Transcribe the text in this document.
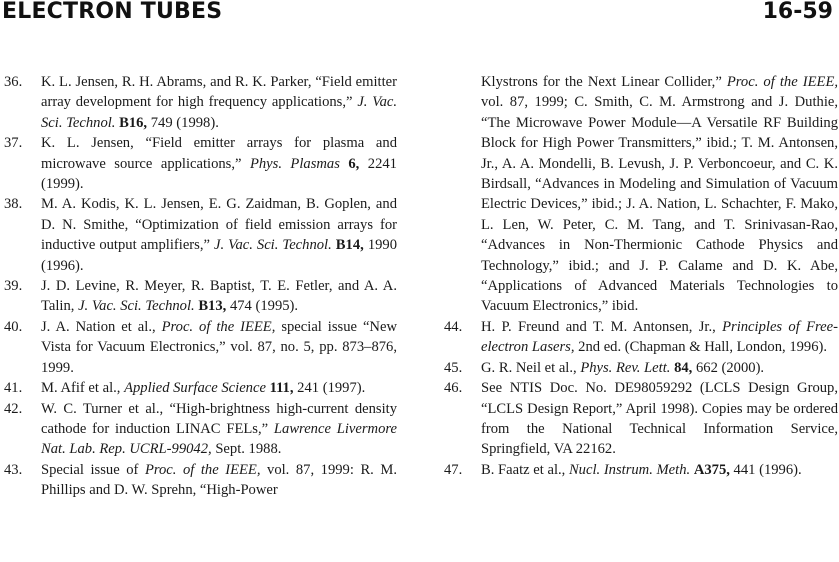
ELECTRON TUBES	16-59

36.	K. L. Jensen, R. H. Abrams, and R. K. Parker, “Field emitter array development for high frequency applications,” J. Vac. Sci. Technol. B16, 749 (1998).

37.	K. L. Jensen, “Field emitter arrays for plasma and microwave source applications,” Phys. Plasmas 6, 2241 (1999).

38.	M. A. Kodis, K. L. Jensen, E. G. Zaidman, B. Goplen, and D. N. Smithe, “Optimization of field emission arrays for inductive output amplifiers,” J. Vac. Sci. Technol. B14, 1990 (1996).

39.	J. D. Levine, R. Meyer, R. Baptist, T. E. Fetler, and A. A. Talin, J. Vac. Sci. Technol. B13, 474 (1995).

40.	J. A. Nation et al., Proc. of the IEEE, special issue “New Vista for Vacuum Electronics,” vol. 87, no. 5, pp. 873–876, 1999.

41.	M. Afif et al., Applied Surface Science 111, 241 (1997).

42.	W. C. Turner et al., “High-brightness high-current density cathode for induction LINAC FELs,” Lawrence Livermore Nat. Lab. Rep. UCRL-99042, Sept. 1988.

43.	Special issue of Proc. of the IEEE, vol. 87, 1999: R. M. Phillips and D. W. Sprehn, “High-Power

Klystrons for the Next Linear Collider,” Proc. of the IEEE, vol. 87, 1999; C. Smith, C. M. Armstrong and J. Duthie, “The Microwave Power Module—A Versatile RF Building Block for High Power Transmitters,” ibid.; T. M. Antonsen, Jr., A. A. Mondelli, B. Levush, J. P. Verboncoeur, and C. K. Birdsall, “Advances in Modeling and Simulation of Vacuum Electric Devices,” ibid.; J. A. Nation, L. Schachter, F. Mako, L. Len, W. Peter, C. M. Tang, and T. Srinivasan-Rao, “Advances in Non-Thermionic Cathode Physics and Technology,” ibid.; and J. P. Calame and D. K. Abe, “Applications of Advanced Materials Technologies to Vacuum Electronics,” ibid.

44.	H. P. Freund and T. M. Antonsen, Jr., Principles of Free-electron Lasers, 2nd ed. (Chapman & Hall, London, 1996).

45.	G. R. Neil et al., Phys. Rev. Lett. 84, 662 (2000).

46.	See NTIS Doc. No. DE98059292 (LCLS Design Group, “LCLS Design Report,” April 1998). Copies may be ordered from the National Technical Information Service, Springfield, VA 22162.

47.	B. Faatz et al., Nucl. Instrum. Meth. A375, 441 (1996).
